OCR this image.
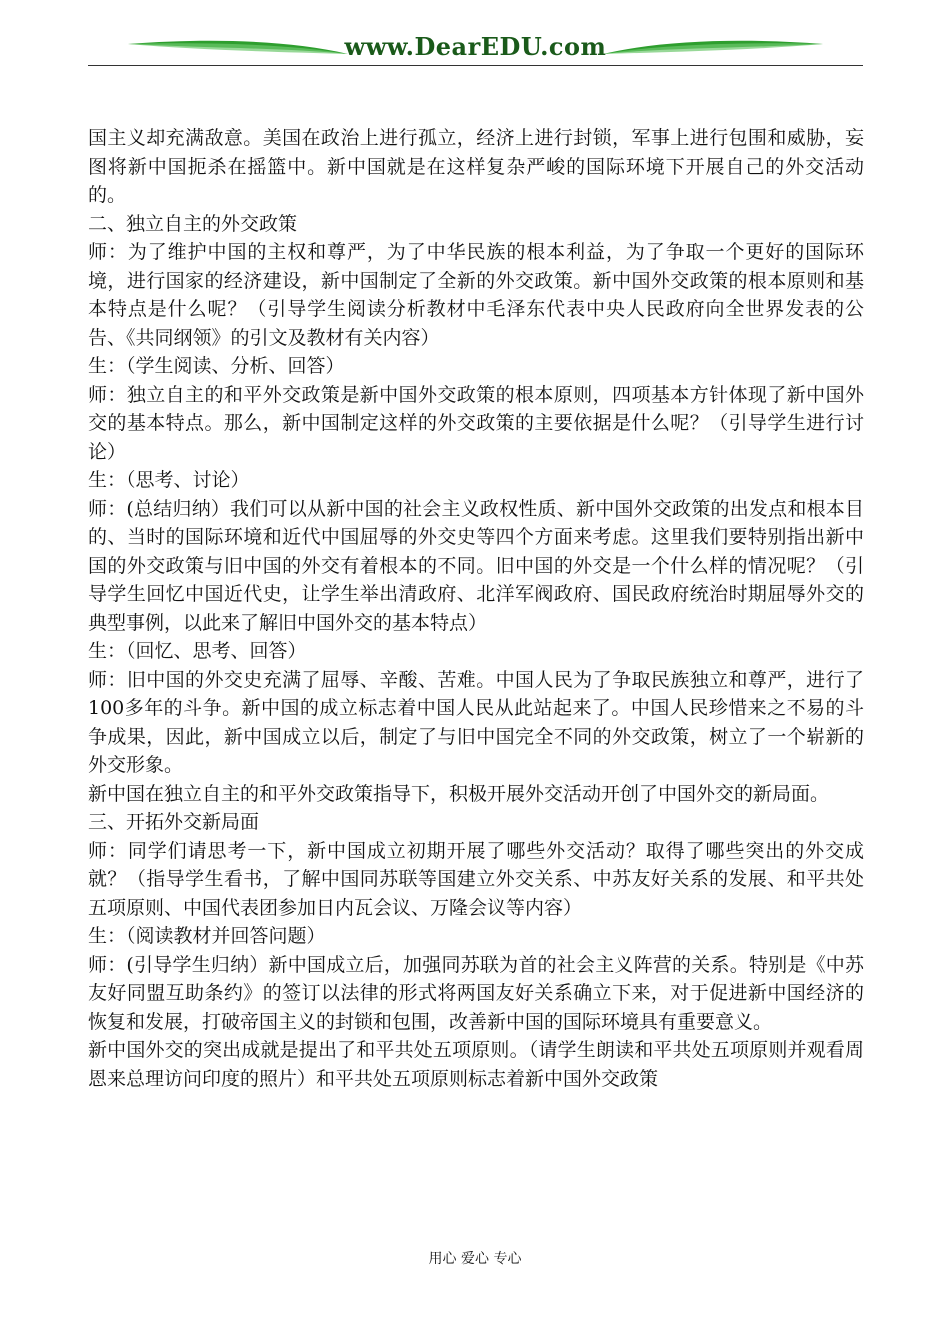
www.DearEDU.com

国主义却充满敌意。美国在政治上进行孤立，经济上进行封锁，军事上进行包围和威胁，妄图将新中国扼杀在摇篮中。新中国就是在这样复杂严峻的国际环境下开展自己的外交活动的。

二、独立自主的外交政策

师：为了维护中国的主权和尊严，为了中华民族的根本利益，为了争取一个更好的国际环境，进行国家的经济建设，新中国制定了全新的外交政策。新中国外交政策的根本原则和基本特点是什么呢？（引导学生阅读分析教材中毛泽东代表中央人民政府向全世界发表的公告、《共同纲领》的引文及教材有关内容）

生：（学生阅读、分析、回答）

师：独立自主的和平外交政策是新中国外交政策的根本原则，四项基本方针体现了新中国外交的基本特点。那么，新中国制定这样的外交政策的主要依据是什么呢？（引导学生进行讨论）

生：（思考、讨论）

师：(总结归纳）我们可以从新中国的社会主义政权性质、新中国外交政策的出发点和根本目的、当时的国际环境和近代中国屈辱的外交史等四个方面来考虑。这里我们要特别指出新中国的外交政策与旧中国的外交有着根本的不同。旧中国的外交是一个什么样的情况呢？（引导学生回忆中国近代史，让学生举出清政府、北洋军阀政府、国民政府统治时期屈辱外交的典型事例，以此来了解旧中国外交的基本特点）

生：（回忆、思考、回答）

师：旧中国的外交史充满了屈辱、辛酸、苦难。中国人民为了争取民族独立和尊严，进行了100多年的斗争。新中国的成立标志着中国人民从此站起来了。中国人民珍惜来之不易的斗争成果，因此，新中国成立以后，制定了与旧中国完全不同的外交政策，树立了一个崭新的外交形象。

新中国在独立自主的和平外交政策指导下，积极开展外交活动开创了中国外交的新局面。

三、开拓外交新局面

师：同学们请思考一下，新中国成立初期开展了哪些外交活动？取得了哪些突出的外交成就？（指导学生看书，了解中国同苏联等国建立外交关系、中苏友好关系的发展、和平共处五项原则、中国代表团参加日内瓦会议、万隆会议等内容）

生：（阅读教材并回答问题）

师：(引导学生归纳）新中国成立后，加强同苏联为首的社会主义阵营的关系。特别是《中苏友好同盟互助条约》的签订以法律的形式将两国友好关系确立下来，对于促进新中国经济的恢复和发展，打破帝国主义的封锁和包围，改善新中国的国际环境具有重要意义。

新中国外交的突出成就是提出了和平共处五项原则。（请学生朗读和平共处五项原则并观看周恩来总理访问印度的照片）和平共处五项原则标志着新中国外交政策

用心 爱心 专心
